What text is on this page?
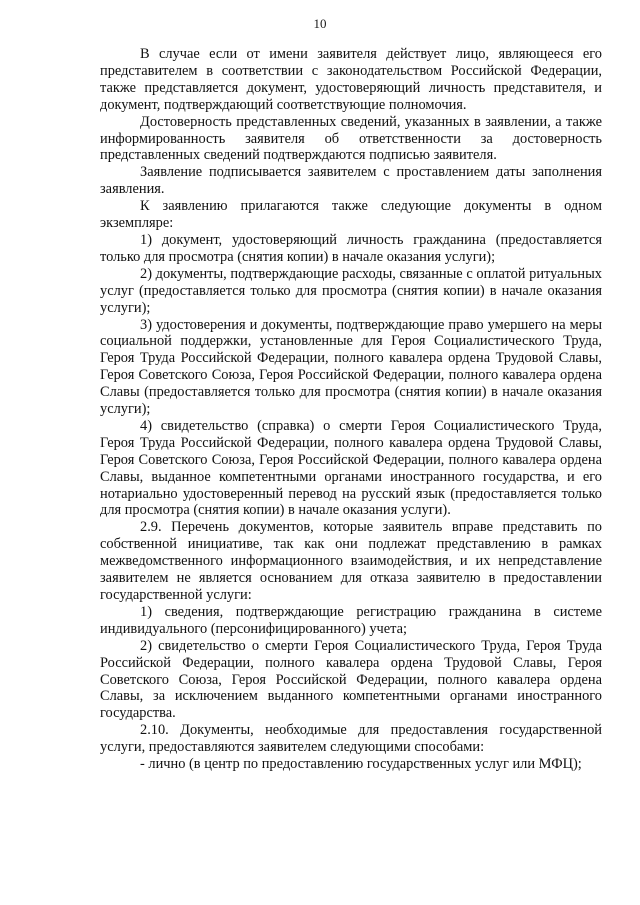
10

В случае если от имени заявителя действует лицо, являющееся его представителем в соответствии с законодательством Российской Федерации, также представляется документ, удостоверяющий личность представителя, и документ, подтверждающий соответствующие полномочия.

Достоверность представленных сведений, указанных в заявлении, а также информированность заявителя об ответственности за достоверность представленных сведений подтверждаются подписью заявителя.

Заявление подписывается заявителем с проставлением даты заполнения заявления.

К заявлению прилагаются также следующие документы в одном экземпляре:

1) документ, удостоверяющий личность гражданина (предоставляется только для просмотра (снятия копии) в начале оказания услуги);

2) документы, подтверждающие расходы, связанные с оплатой ритуальных услуг (предоставляется только для просмотра (снятия копии) в начале оказания услуги);

3) удостоверения и документы, подтверждающие право умершего на меры социальной поддержки, установленные для Героя Социалистического Труда, Героя Труда Российской Федерации, полного кавалера ордена Трудовой Славы, Героя Советского Союза, Героя Российской Федерации, полного кавалера ордена Славы (предоставляется только для просмотра (снятия копии) в начале оказания услуги);

4) свидетельство (справка) о смерти Героя Социалистического Труда, Героя Труда Российской Федерации, полного кавалера ордена Трудовой Славы, Героя Советского Союза, Героя Российской Федерации, полного кавалера ордена Славы, выданное компетентными органами иностранного государства, и его нотариально удостоверенный перевод на русский язык (предоставляется только для просмотра (снятия копии) в начале оказания услуги).

2.9. Перечень документов, которые заявитель вправе представить по собственной инициативе, так как они подлежат представлению в рамках межведомственного информационного взаимодействия, и их непредставление заявителем не является основанием для отказа заявителю в предоставлении государственной услуги:

1) сведения, подтверждающие регистрацию гражданина в системе индивидуального (персонифицированного) учета;

2) свидетельство о смерти Героя Социалистического Труда, Героя Труда Российской Федерации, полного кавалера ордена Трудовой Славы, Героя Советского Союза, Героя Российской Федерации, полного кавалера ордена Славы, за исключением выданного компетентными органами иностранного государства.

2.10. Документы, необходимые для предоставления государственной услуги, предоставляются заявителем следующими способами:

- лично (в центр по предоставлению государственных услуг или МФЦ);
